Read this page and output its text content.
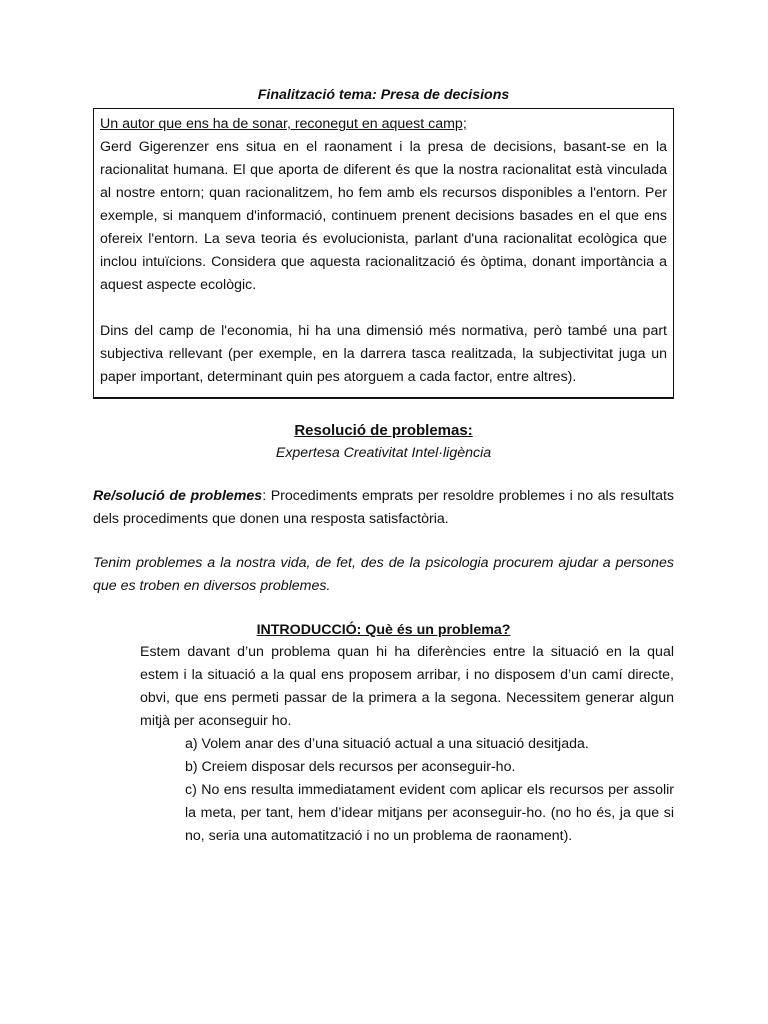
Finalització tema: Presa de decisions

Un autor que ens ha de sonar, reconegut en aquest camp;

Gerd Gigerenzer ens situa en el raonament i la presa de decisions, basant-se en la racionalitat humana. El que aporta de diferent és que la nostra racionalitat està vinculada al nostre entorn; quan racionalitzem, ho fem amb els recursos disponibles a l'entorn. Per exemple, si manquem d'informació, continuem prenent decisions basades en el que ens ofereix l'entorn. La seva teoria és evolucionista, parlant d'una racionalitat ecològica que inclou intuïcions. Considera que aquesta racionalització és òptima, donant importància a aquest aspecte ecològic.

Dins del camp de l'economia, hi ha una dimensió més normativa, però també una part subjectiva rellevant (per exemple, en la darrera tasca realitzada, la subjectivitat juga un paper important, determinant quin pes atorguem a cada factor, entre altres).

Resolució de problemas:

Expertesa Creativitat Intel·ligència

Re/solució de problemes: Procediments emprats per resoldre problemes i no als resultats dels procediments que donen una resposta satisfactòria.

Tenim problemes a la nostra vida, de fet, des de la psicologia procurem ajudar a persones que es troben en diversos problemes.

INTRODUCCIÓ: Què és un problema?

Estem davant d’un problema quan hi ha diferències entre la situació en la qual estem i la situació a la qual ens proposem arribar, i no disposem d’un camí directe, obvi, que ens permeti passar de la primera a la segona. Necessitem generar algun mitjà per aconseguir ho.

a) Volem anar des d’una situació actual a una situació desitjada.
b) Creiem disposar dels recursos per aconseguir-ho.
c) No ens resulta immediatament evident com aplicar els recursos per assolir la meta, per tant, hem d’idear mitjans per aconseguir-ho. (no ho és, ja que si no, seria una automatització i no un problema de raonament).
